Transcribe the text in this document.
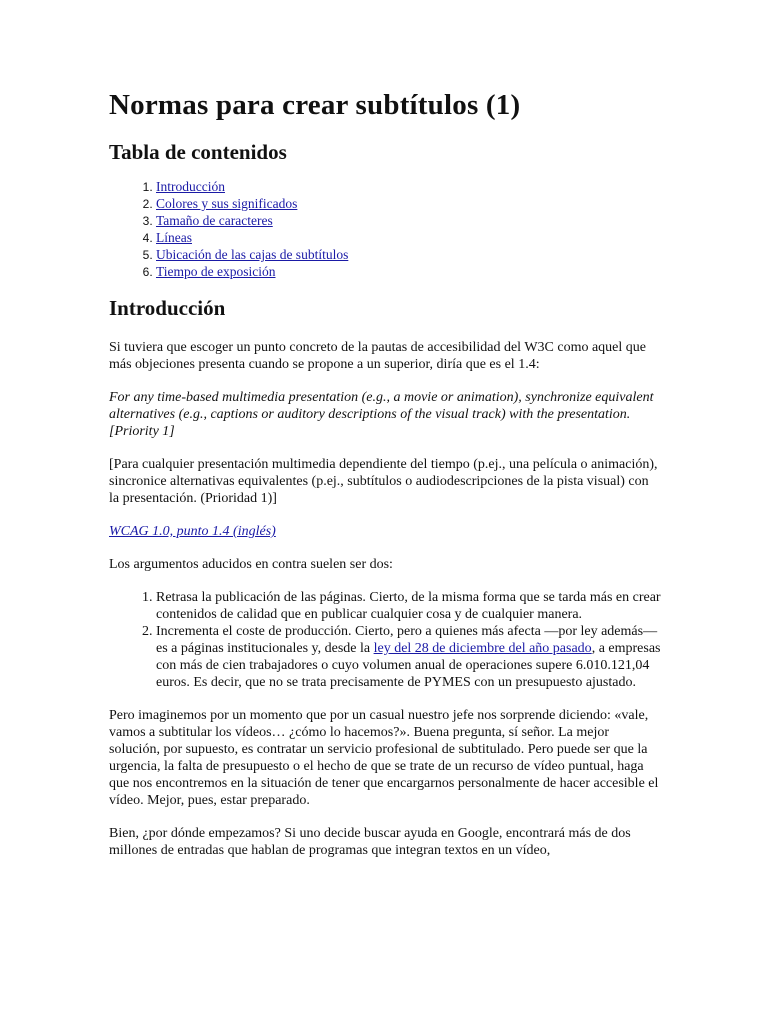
Normas para crear subtítulos (1)
Tabla de contenidos
1. Introducción
2. Colores y sus significados
3. Tamaño de caracteres
4. Líneas
5. Ubicación de las cajas de subtítulos
6. Tiempo de exposición
Introducción

Si tuviera que escoger un punto concreto de la pautas de accesibilidad del W3C como aquel que más objeciones presenta cuando se propone a un superior, diría que es el 1.4:

For any time-based multimedia presentation (e.g., a movie or animation), synchronize equivalent alternatives (e.g., captions or auditory descriptions of the visual track) with the presentation. [Priority 1]

[Para cualquier presentación multimedia dependiente del tiempo (p.ej., una película o animación), sincronice alternativas equivalentes (p.ej., subtítulos o audiodescripciones de la pista visual) con la presentación. (Prioridad 1)]

WCAG 1.0, punto 1.4 (inglés)

Los argumentos aducidos en contra suelen ser dos:

1. Retrasa la publicación de las páginas. Cierto, de la misma forma que se tarda más en crear contenidos de calidad que en publicar cualquier cosa y de cualquier manera.
2. Incrementa el coste de producción. Cierto, pero a quienes más afecta —por ley además— es a páginas institucionales y, desde la ley del 28 de diciembre del año pasado, a empresas con más de cien trabajadores o cuyo volumen anual de operaciones supere 6.010.121,04 euros. Es decir, que no se trata precisamente de PYMES con un presupuesto ajustado.

Pero imaginemos por un momento que por un casual nuestro jefe nos sorprende diciendo: «vale, vamos a subtitular los vídeos… ¿cómo lo hacemos?». Buena pregunta, sí señor. La mejor solución, por supuesto, es contratar un servicio profesional de subtitulado. Pero puede ser que la urgencia, la falta de presupuesto o el hecho de que se trate de un recurso de vídeo puntual, haga que nos encontremos en la situación de tener que encargarnos personalmente de hacer accesible el vídeo. Mejor, pues, estar preparado.

Bien, ¿por dónde empezamos? Si uno decide buscar ayuda en Google, encontrará más de dos millones de entradas que hablan de programas que integran textos en un vídeo,
